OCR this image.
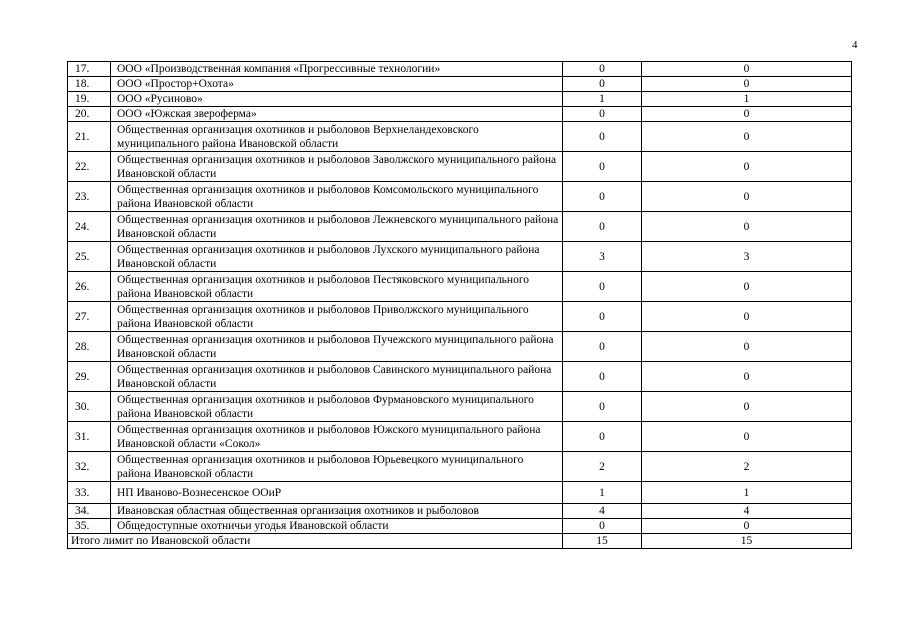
4
17.	ООО «Производственная компания «Прогрессивные технологии»	0	0
18.	ООО «Простор+Охота»	0	0
19.	ООО «Русиново»	1	1
20.	ООО «Южская звероферма»	0	0
21.	Общественная организация охотников и рыболовов Верхнеландеховского муниципального района Ивановской области	0	0
22.	Общественная организация охотников и рыболовов Заволжского муниципального района Ивановской области	0	0
23.	Общественная организация охотников и рыболовов Комсомольского муниципального района Ивановской области	0	0
24.	Общественная организация охотников и рыболовов Лежневского муниципального района Ивановской области	0	0
25.	Общественная организация охотников и рыболовов Лухского муниципального района Ивановской области	3	3
26.	Общественная организация охотников и рыболовов Пестяковского муниципального района Ивановской области	0	0
27.	Общественная организация охотников и рыболовов Приволжского муниципального района Ивановской области	0	0
28.	Общественная организация охотников и рыболовов Пучежского муниципального района Ивановской области	0	0
29.	Общественная организация охотников и рыболовов Савинского муниципального района Ивановской области	0	0
30.	Общественная организация охотников и рыболовов Фурмановского муниципального района Ивановской области	0	0
31.	Общественная организация охотников и рыболовов Южского муниципального района Ивановской области «Сокол»	0	0
32.	Общественная организация охотников и рыболовов Юрьевецкого муниципального района Ивановской области	2	2
33.	НП Иваново-Вознесенское ООиР	1	1
34.	Ивановская областная общественная организация охотников и рыболовов	4	4
35.	Общедоступные охотничьи угодья Ивановской области	0	0
Итого лимит по Ивановской области		15	15
